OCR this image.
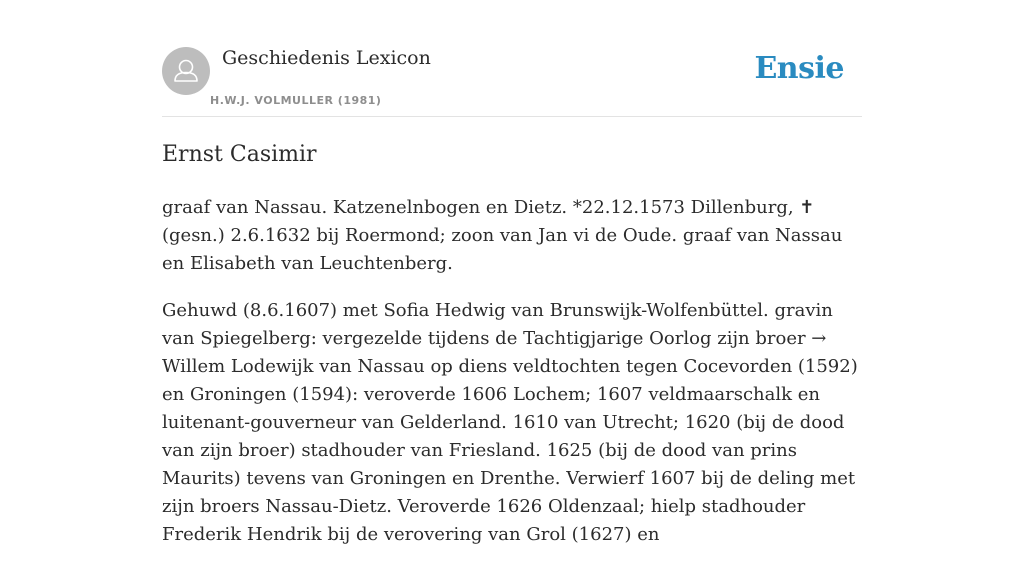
Geschiedenis Lexicon
H.W.J. VOLMULLER (1981)
Ensie
Ernst Casimir

graaf van Nassau. Katzenelnbogen en Dietz. *22.12.1573 Dillenburg, ✝ (gesn.) 2.6.1632 bij Roermond; zoon van Jan vi de Oude. graaf van Nassau en Elisabeth van Leuchtenberg.

Gehuwd (8.6.1607) met Sofia Hedwig van Brunswijk-Wolfenbüttel. gravin van Spiegelberg: vergezelde tijdens de Tachtigjarige Oorlog zijn broer → Willem Lodewijk van Nassau op diens veldtochten tegen Cocevorden (1592) en Groningen (1594): veroverde 1606 Lochem; 1607 veldmaarschalk en luitenant-gouverneur van Gelderland. 1610 van Utrecht; 1620 (bij de dood van zijn broer) stadhouder van Friesland. 1625 (bij de dood van prins Maurits) tevens van Groningen en Drenthe. Verwierf 1607 bij de deling met zijn broers Nassau-Dietz. Veroverde 1626 Oldenzaal; hielp stadhouder Frederik Hendrik bij de verovering van Grol (1627) en
